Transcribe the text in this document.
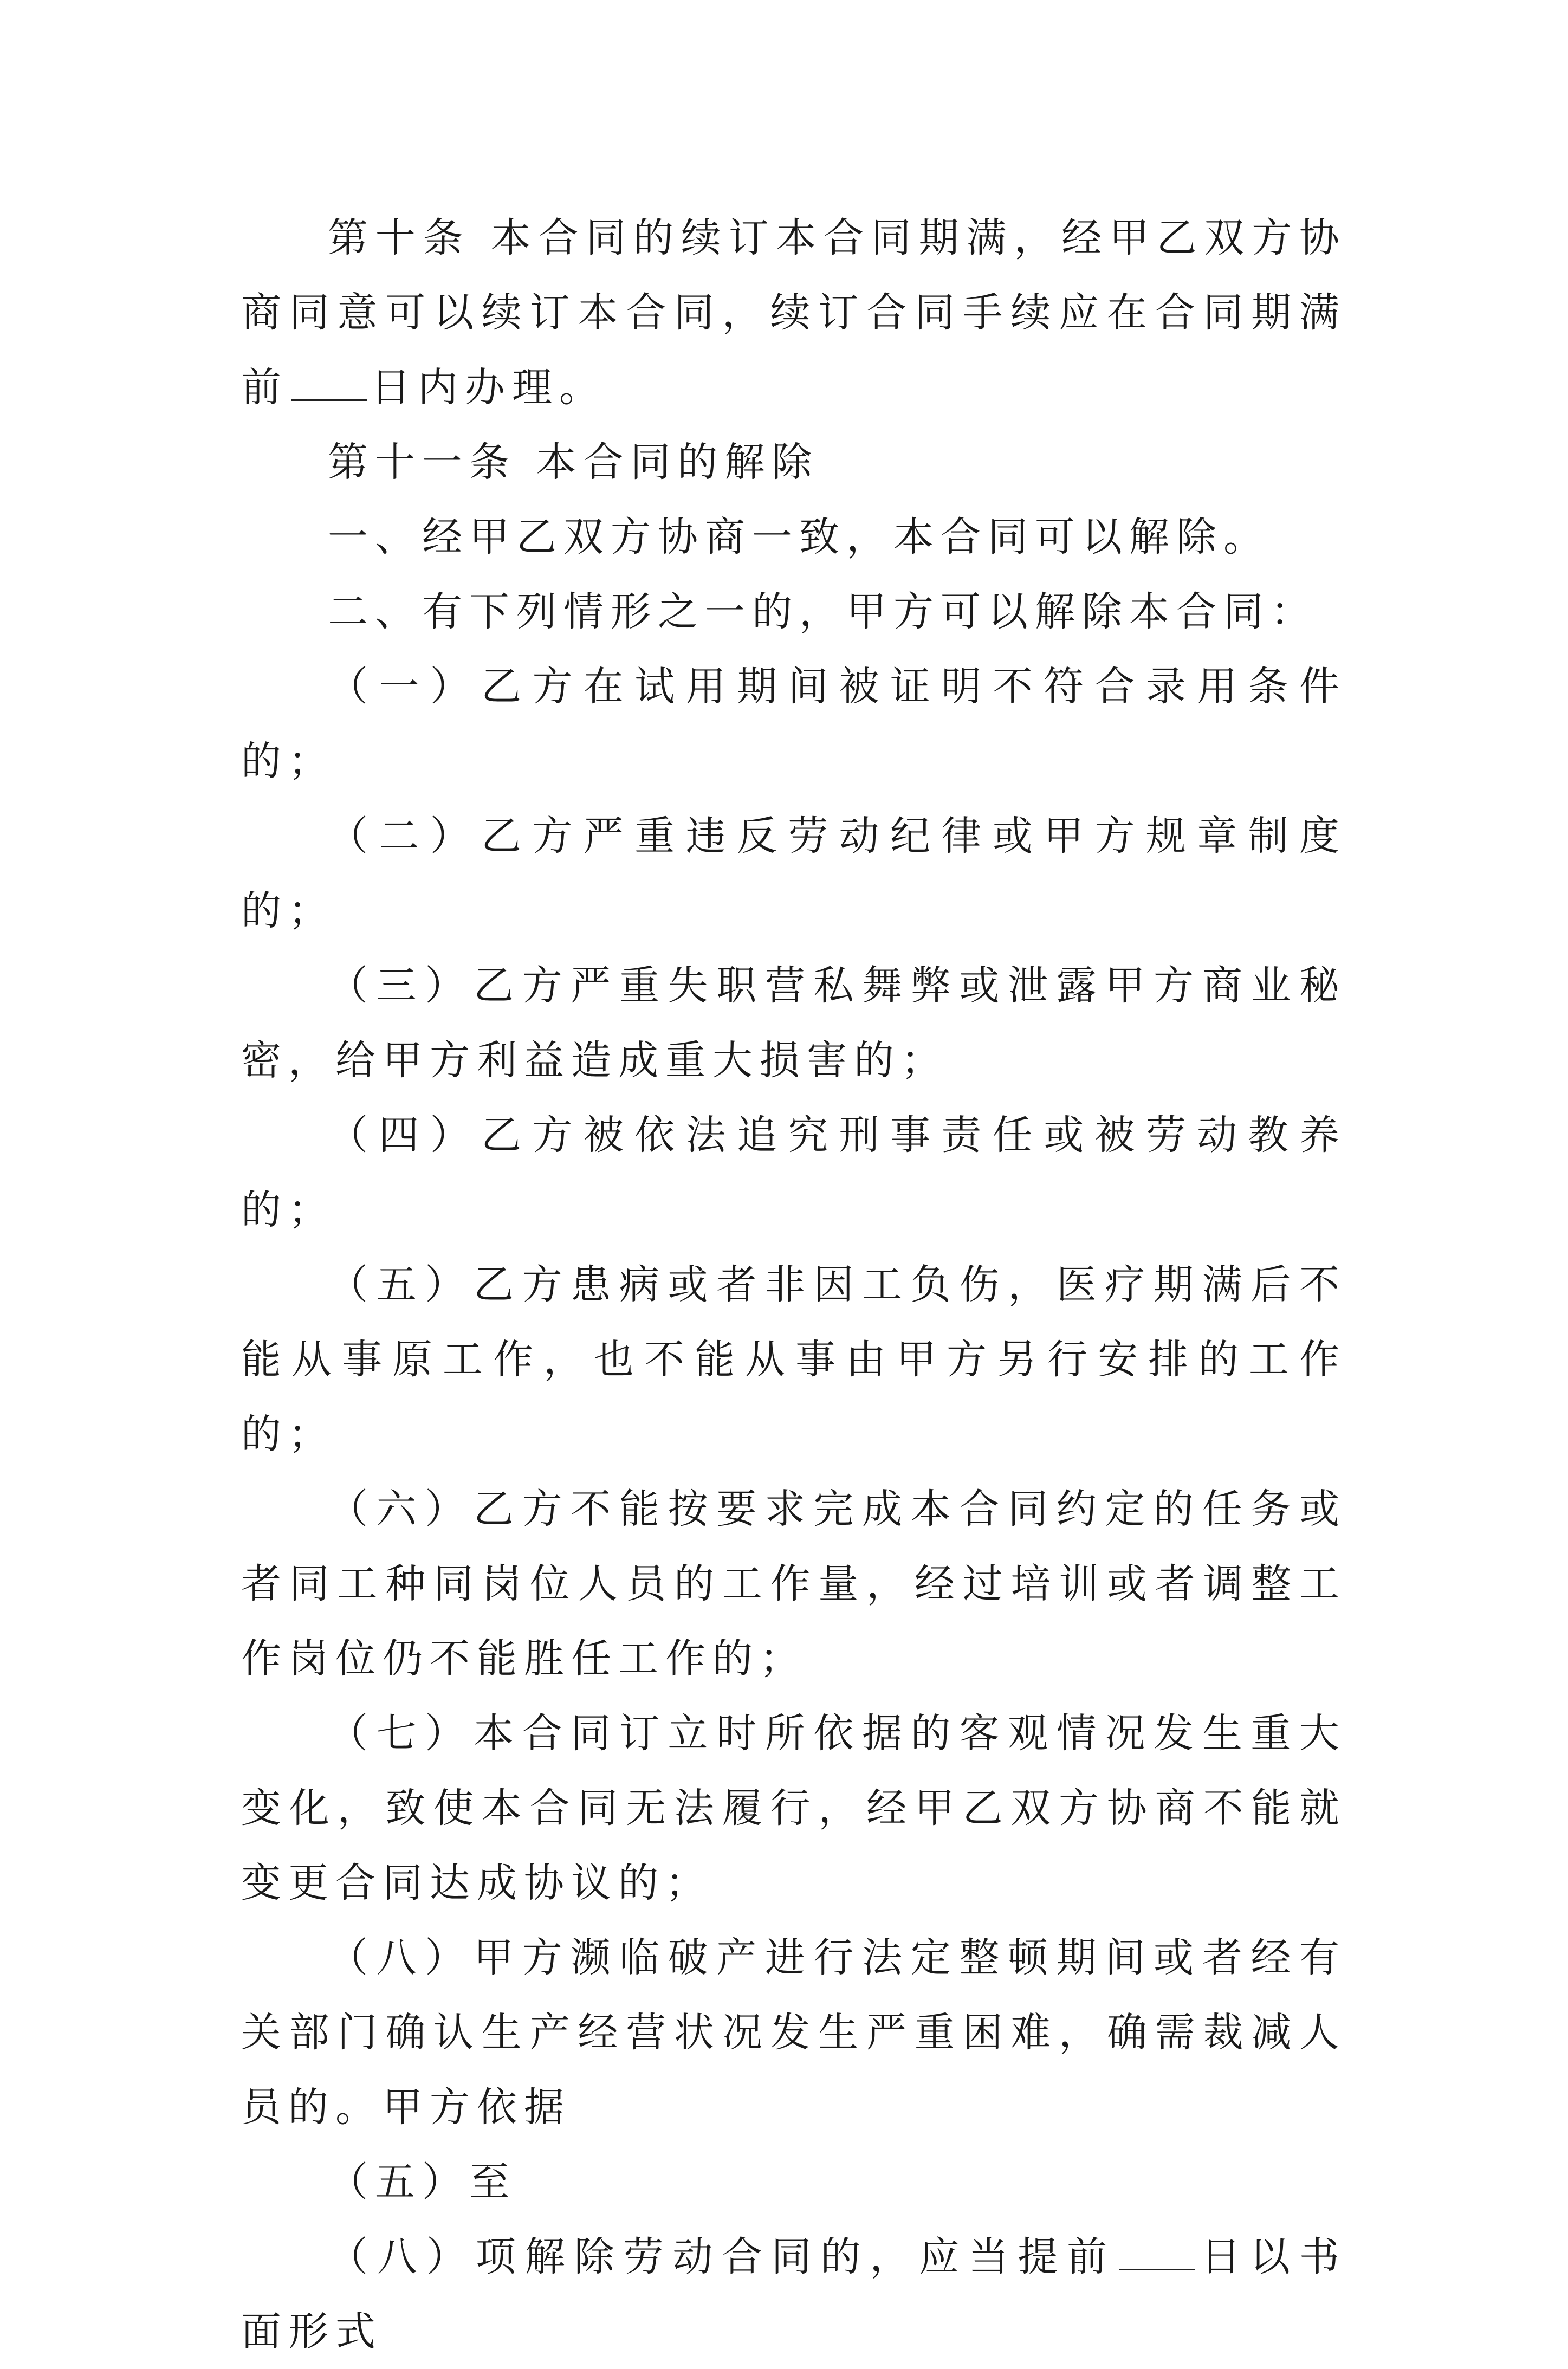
第十条 本合同的续订本合同期满，经甲乙双方协商同意可以续订本合同，续订合同手续应在合同期满前 日内办理。

第十一条 本合同的解除

一、经甲乙双方协商一致，本合同可以解除。

二、有下列情形之一的，甲方可以解除本合同：

（一）乙方在试用期间被证明不符合录用条件的；

（二）乙方严重违反劳动纪律或甲方规章制度的；

（三）乙方严重失职营私舞弊或泄露甲方商业秘密，给甲方利益造成重大损害的；

（四）乙方被依法追究刑事责任或被劳动教养的；

（五）乙方患病或者非因工负伤，医疗期满后不能从事原工作，也不能从事由甲方另行安排的工作的；

（六）乙方不能按要求完成本合同约定的任务或者同工种同岗位人员的工作量，经过培训或者调整工作岗位仍不能胜任工作的；

（七）本合同订立时所依据的客观情况发生重大变化，致使本合同无法履行，经甲乙双方协商不能就变更合同达成协议的；

（八）甲方濒临破产进行法定整顿期间或者经有关部门确认生产经营状况发生严重困难，确需裁减人员的。甲方依据

（五）至

（八）项解除劳动合同的，应当提前 日以书面形式
